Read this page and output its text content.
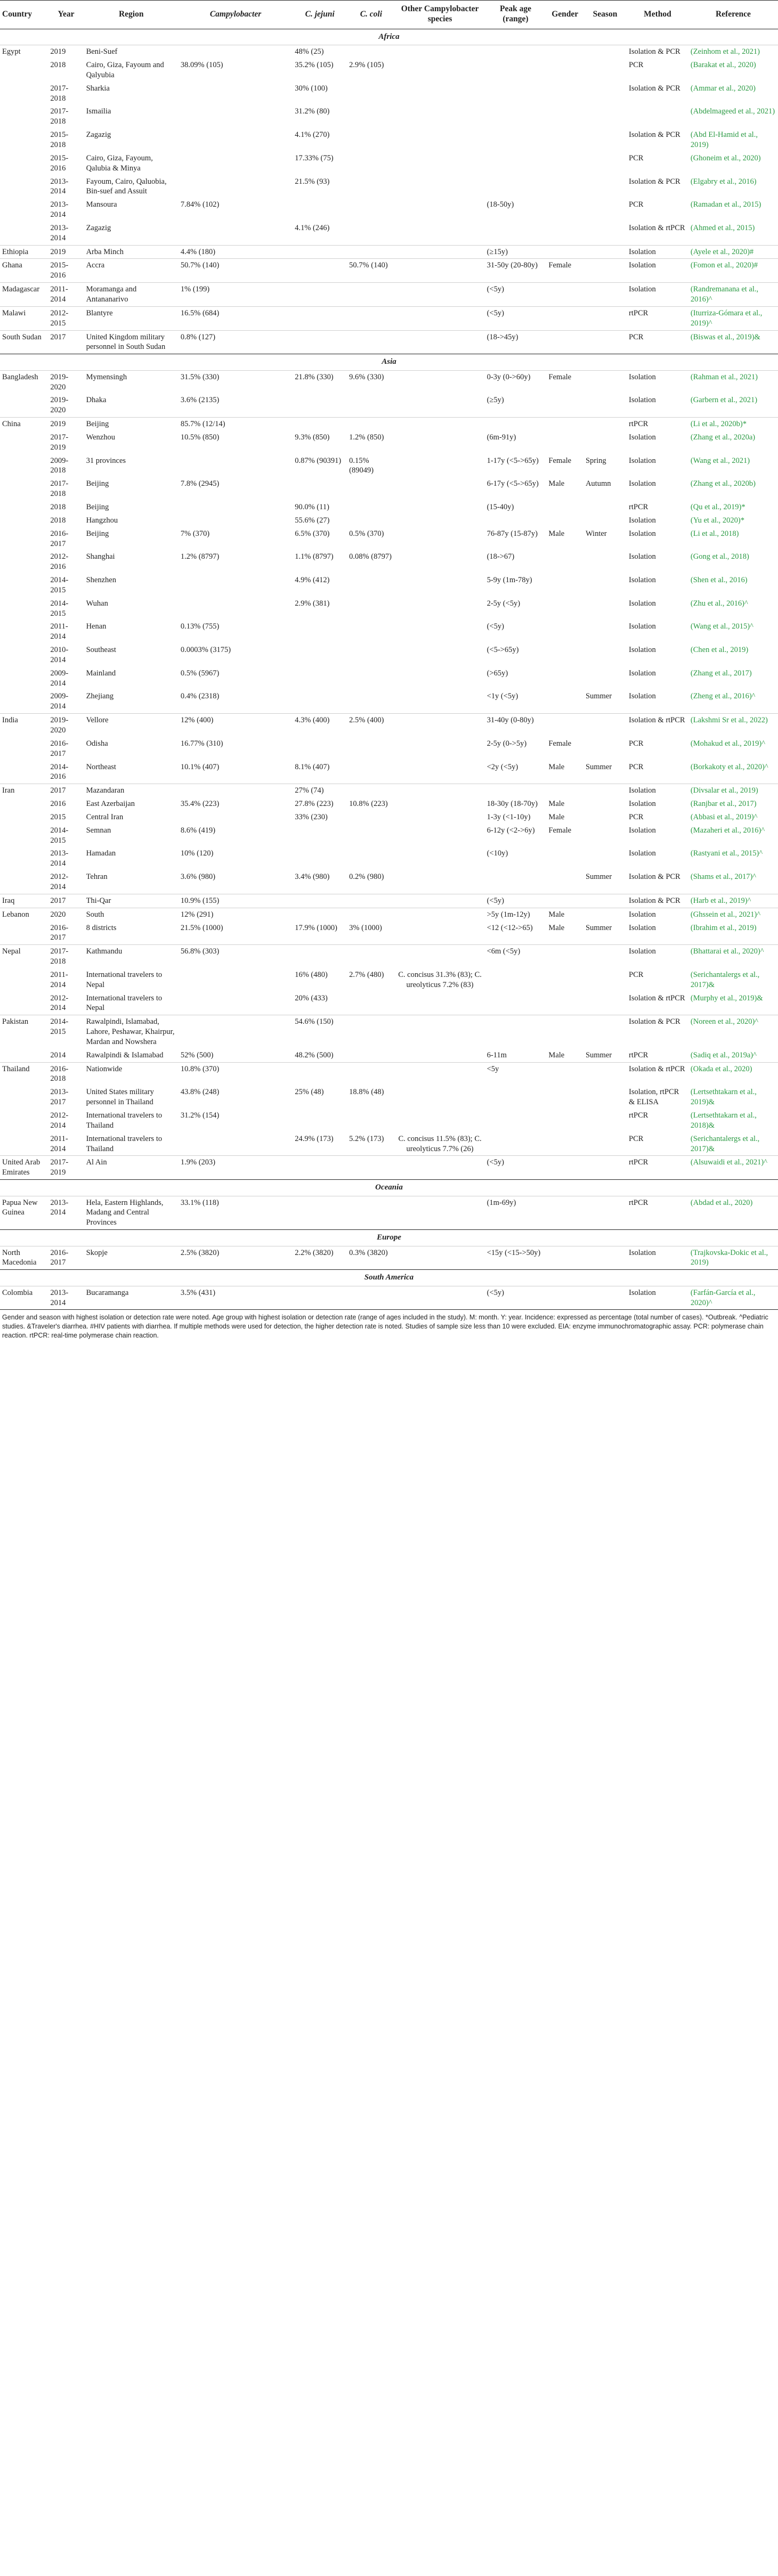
Country	Year	Region	Campylobacter	C. jejuni	C. coli	Other Campylobacter species	Peak age (range)	Gender	Season	Method	Reference
Africa											
Egypt	2019	Beni-Suef		48% (25)						Isolation & PCR	(Zeinhom et al., 2021)
	2018	Cairo, Giza, Fayoum and Qalyubia	38.09% (105)	35.2% (105)	2.9% (105)					PCR	(Barakat et al., 2020)
	2017-2018	Sharkia		30% (100)						Isolation & PCR	(Ammar et al., 2020)
	2017-2018	Ismailia		31.2% (80)							(Abdelmageed et al., 2021)
	2015-2018	Zagazig		4.1% (270)						Isolation & PCR	(Abd El-Hamid et al., 2019)
	2015-2016	Cairo, Giza, Fayoum, Qalubia & Minya		17.33% (75)						PCR	(Ghoneim et al., 2020)
	2013-2014	Fayoum, Cairo, Qaluobia, Bin-suef and Assuit		21.5% (93)						Isolation & PCR	(Elgabry et al., 2016)
	2013-2014	Mansoura	7.84% (102)				(18-50y)			PCR	(Ramadan et al., 2015)
	2013-2014	Zagazig		4.1% (246)						Isolation & rtPCR	(Ahmed et al., 2015)
Ethiopia	2019	Arba Minch	4.4% (180)				(≥15y)			Isolation	(Ayele et al., 2020)#
Ghana	2015-2016	Accra	50.7% (140)		50.7% (140)		31-50y (20-80y)	Female		Isolation	(Fomon et al., 2020)#
Madagascar	2011-2014	Moramanga and Antananarivo	1% (199)				(<5y)			Isolation	(Randremanana et al., 2016)^
Malawi	2012-2015	Blantyre	16.5% (684)				(<5y)			rtPCR	(Iturriza-Gómara et al., 2019)^
South Sudan	2017	United Kingdom military personnel in South Sudan	0.8% (127)				(18->45y)			PCR	(Biswas et al., 2019)&
Asia											
Bangladesh	2019-2020	Mymensingh	31.5% (330)	21.8% (330)	9.6% (330)		0-3y (0->60y)	Female		Isolation	(Rahman et al., 2021)
	2019-2020	Dhaka	3.6% (2135)				(≥5y)			Isolation	(Garbern et al., 2021)
China	2019	Beijing	85.7% (12/14)							rtPCR	(Li et al., 2020b)*
	2017-2019	Wenzhou	10.5% (850)	9.3% (850)	1.2% (850)		(6m-91y)			Isolation	(Zhang et al., 2020a)
	2009-2018	31 provinces		0.87% (90391)	0.15% (89049)		1-17y (<5->65y)	Female	Spring	Isolation	(Wang et al., 2021)
	2017-2018	Beijing	7.8% (2945)				6-17y (<5->65y)	Male	Autumn	Isolation	(Zhang et al., 2020b)
	2018	Beijing		90.0% (11)			(15-40y)			rtPCR	(Qu et al., 2019)*
	2018	Hangzhou		55.6% (27)						Isolation	(Yu et al., 2020)*
	2016-2017	Beijing	7% (370)	6.5% (370)	0.5% (370)		76-87y (15-87y)	Male	Winter	Isolation	(Li et al., 2018)
	2012-2016	Shanghai	1.2% (8797)	1.1% (8797)	0.08% (8797)		(18->67)			Isolation	(Gong et al., 2018)
	2014-2015	Shenzhen		4.9% (412)			5-9y (1m-78y)			Isolation	(Shen et al., 2016)
	2014-2015	Wuhan		2.9% (381)			2-5y (<5y)			Isolation	(Zhu et al., 2016)^
	2011-2014	Henan	0.13% (755)				(<5y)			Isolation	(Wang et al., 2015)^
	2010-2014	Southeast	0.0003% (3175)				(<5->65y)			Isolation	(Chen et al., 2019)
	2009-2014	Mainland	0.5% (5967)				(>65y)			Isolation	(Zhang et al., 2017)
	2009-2014	Zhejiang	0.4% (2318)				<1y (<5y)		Summer	Isolation	(Zheng et al., 2016)^
India	2019-2020	Vellore	12% (400)	4.3% (400)	2.5% (400)		31-40y (0-80y)			Isolation & rtPCR	(Lakshmi Sr et al., 2022)
	2016-2017	Odisha	16.77% (310)				2-5y (0->5y)	Female		PCR	(Mohakud et al., 2019)^
	2014-2016	Northeast	10.1% (407)	8.1% (407)			<2y (<5y)	Male	Summer	PCR	(Borkakoty et al., 2020)^
Iran	2017	Mazandaran		27% (74)						Isolation	(Divsalar et al., 2019)
	2016	East Azerbaijan	35.4% (223)	27.8% (223)	10.8% (223)		18-30y (18-70y)	Male		Isolation	(Ranjbar et al., 2017)
	2015	Central Iran		33% (230)			1-3y (<1-10y)	Male		PCR	(Abbasi et al., 2019)^
	2014-2015	Semnan	8.6% (419)				6-12y (<2->6y)	Female		Isolation	(Mazaheri et al., 2016)^
	2013-2014	Hamadan	10% (120)				(<10y)			Isolation	(Rastyani et al., 2015)^
	2012-2014	Tehran	3.6% (980)	3.4% (980)	0.2% (980)				Summer	Isolation & PCR	(Shams et al., 2017)^
Iraq	2017	Thi-Qar	10.9% (155)				(<5y)			Isolation & PCR	(Harb et al., 2019)^
Lebanon	2020	South	12% (291)				>5y (1m-12y)	Male		Isolation	(Ghssein et al., 2021)^
	2016-2017	8 districts	21.5% (1000)	17.9% (1000)	3% (1000)		<12 (<12->65)	Male	Summer	Isolation	(Ibrahim et al., 2019)
Nepal	2017-2018	Kathmandu	56.8% (303)				<6m (<5y)			Isolation	(Bhattarai et al., 2020)^
	2011-2014	International travelers to Nepal		16% (480)	2.7% (480)	C. concisus 31.3% (83); C. ureolyticus 7.2% (83)				PCR	(Serichantalergs et al., 2017)&
	2012-2014	International travelers to Nepal		20% (433)						Isolation & rtPCR	(Murphy et al., 2019)&
Pakistan	2014-2015	Rawalpindi, Islamabad, Lahore, Peshawar, Khairpur, Mardan and Nowshera		54.6% (150)						Isolation & PCR	(Noreen et al., 2020)^
	2014	Rawalpindi & Islamabad	52% (500)	48.2% (500)			6-11m	Male	Summer	rtPCR	(Sadiq et al., 2019a)^
Thailand	2016-2018	Nationwide	10.8% (370)				<5y			Isolation & rtPCR	(Okada et al., 2020)
	2013-2017	United States military personnel in Thailand	43.8% (248)	25% (48)	18.8% (48)					Isolation, rtPCR & ELISA	(Lertsethtakarn et al., 2019)&
	2012-2014	International travelers to Thailand	31.2% (154)							rtPCR	(Lertsethtakarn et al., 2018)&
	2011-2014	International travelers to Thailand		24.9% (173)	5.2% (173)	C. concisus 11.5% (83); C. ureolyticus 7.7% (26)				PCR	(Serichantalergs et al., 2017)&
United Arab Emirates	2017-2019	Al Ain	1.9% (203)				(<5y)			rtPCR	(Alsuwaidi et al., 2021)^
Oceania											
Papua New Guinea	2013-2014	Hela, Eastern Highlands, Madang and Central Provinces	33.1% (118)				(1m-69y)			rtPCR	(Abdad et al., 2020)
Europe											
North Macedonia	2016-2017	Skopje	2.5% (3820)	2.2% (3820)	0.3% (3820)		<15y (<15->50y)			Isolation	(Trajkovska-Dokic et al., 2019)
South America											
Colombia	2013-2014	Bucaramanga	3.5% (431)				(<5y)			Isolation	(Farfán-García et al., 2020)^
Gender and season with highest isolation or detection rate were noted. Age group with highest isolation or detection rate (range of ages included in the study). M: month. Y: year. Incidence: expressed as percentage (total number of cases). *Outbreak. ^Pediatric studies. &Traveler's diarrhea. #HIV patients with diarrhea. If multiple methods were used for detection, the higher detection rate is noted. Studies of sample size less than 10 were excluded. EIA: enzyme immunochromatographic assay. PCR: polymerase chain reaction. rtPCR: real-time polymerase chain reaction.
